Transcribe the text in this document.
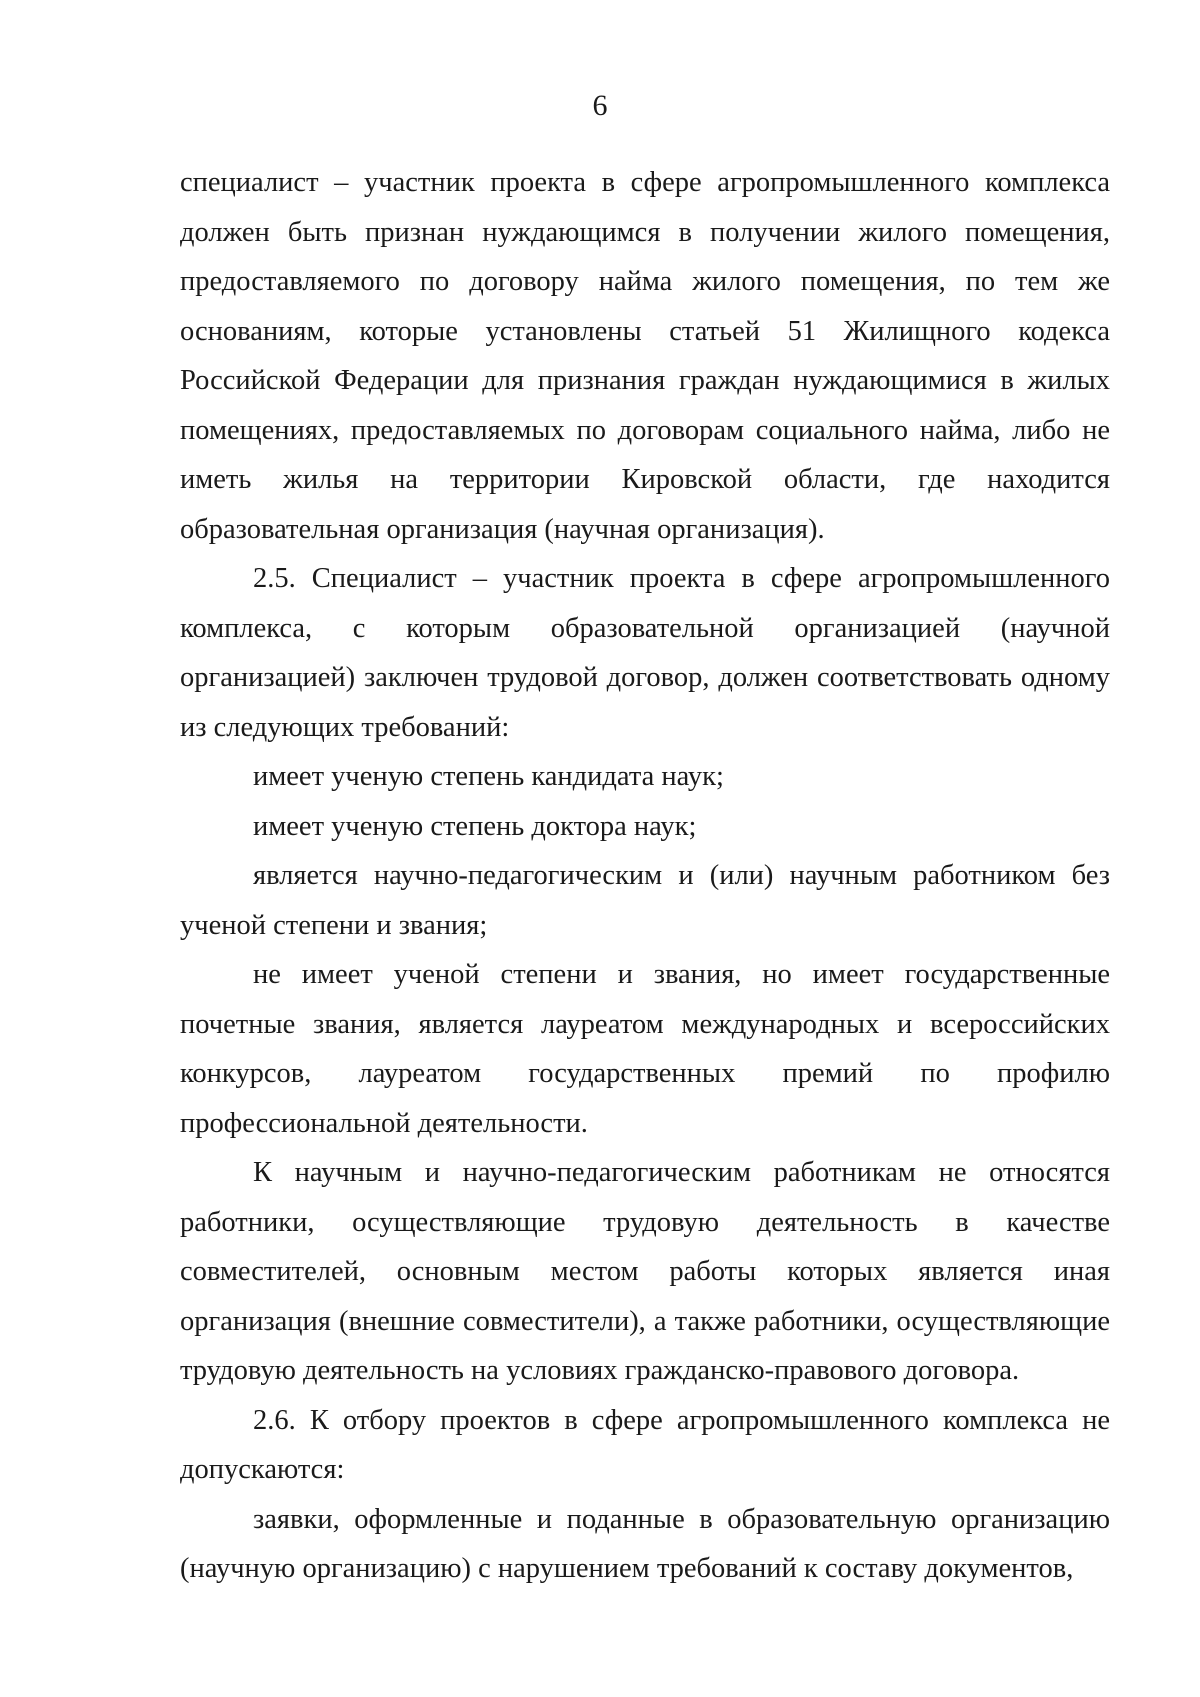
6

специалист – участник проекта в сфере агропромышленного комплекса должен быть признан нуждающимся в получении жилого помещения, предоставляемого по договору найма жилого помещения, по тем же основаниям, которые установлены статьей 51 Жилищного кодекса Российской Федерации для признания граждан нуждающимися в жилых помещениях, предоставляемых по договорам социального найма, либо не иметь жилья на территории Кировской области, где находится образовательная организация (научная организация).

2.5. Специалист – участник проекта в сфере агропромышленного комплекса, с которым образовательной организацией (научной организацией) заключен трудовой договор, должен соответствовать одному из следующих требований:

имеет ученую степень кандидата наук;

имеет ученую степень доктора наук;

является научно-педагогическим и (или) научным работником без ученой степени и звания;

не имеет ученой степени и звания, но имеет государственные почетные звания, является лауреатом международных и всероссийских конкурсов, лауреатом государственных премий по профилю профессиональной деятельности.

К научным и научно-педагогическим работникам не относятся работники, осуществляющие трудовую деятельность в качестве совместителей, основным местом работы которых является иная организация (внешние совместители), а также работники, осуществляющие трудовую деятельность на условиях гражданско-правового договора.

2.6. К отбору проектов в сфере агропромышленного комплекса не допускаются:

заявки, оформленные и поданные в образовательную организацию (научную организацию) с нарушением требований к составу документов,
